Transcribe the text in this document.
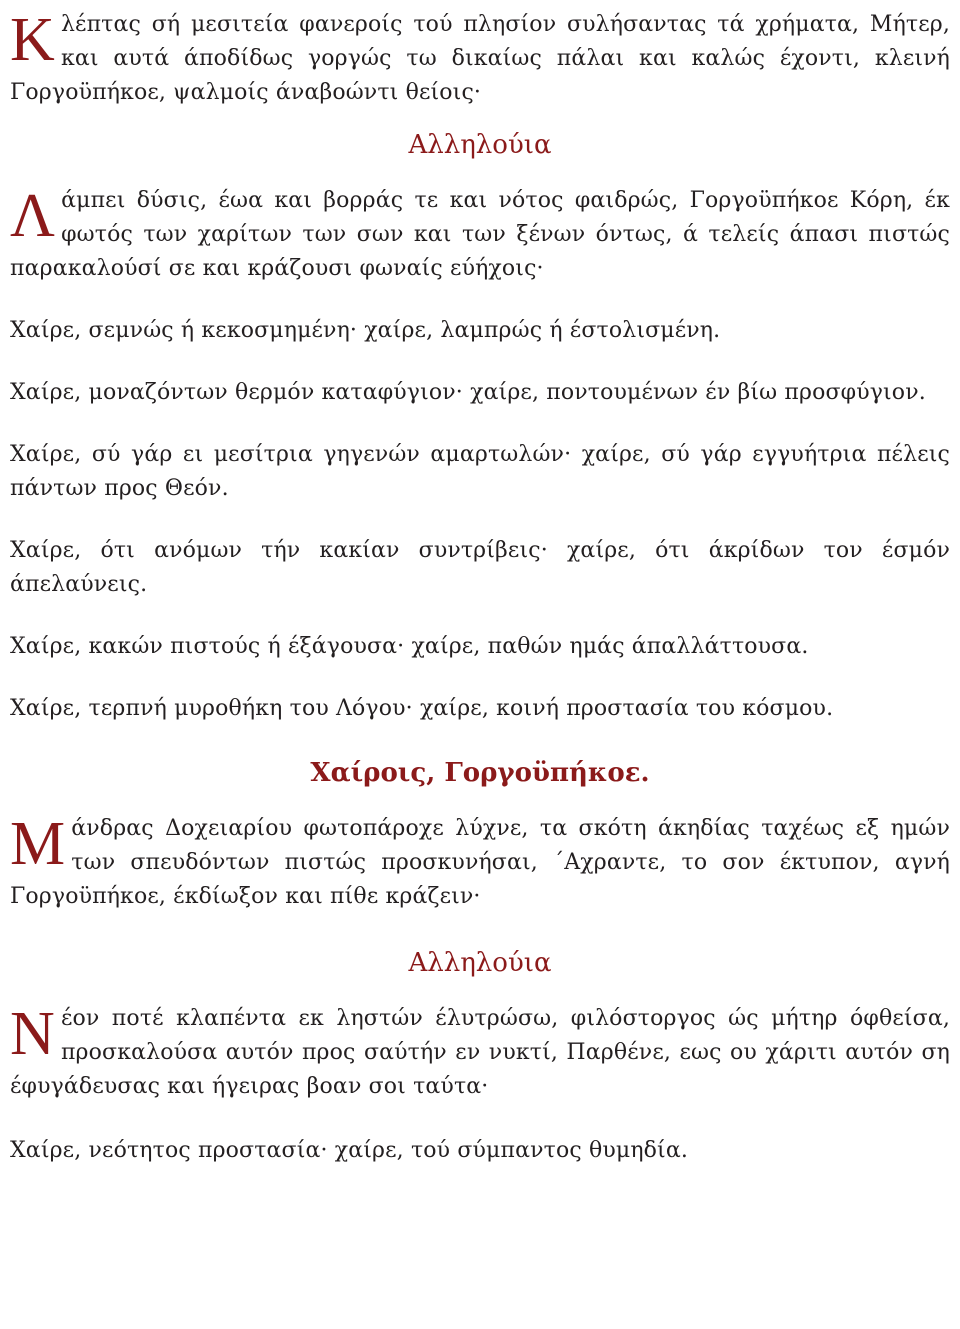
Κλέπτας σή μεσιτεία φανεροίς τού πλησίον συλήσαντας τά χρήματα, Μήτερ, και αυτά άποδίδως γοργώς τω δικαίως πάλαι και καλώς έχοντι, κλεινή Γοργοϋπήκοε, ψαλμοίς άναβοώντι θείοις·

Αλληλούια

Λάμπει δύσις, έωα και βορράς τε και νότος φαιδρώς, Γοργοϋπήκοε Κόρη, έκ φωτός των χαρίτων των σων και των ξένων όντως, ά τελείς άπασι πιστώς παρακαλούσί σε και κράζουσι φωναίς εύήχοις·

Χαίρε, σεμνώς ή κεκοσμημένη· χαίρε, λαμπρώς ή έστολισμένη.

Χαίρε, μοναζόντων θερμόν καταφύγιον· χαίρε, ποντουμένων έν βίω προσφύγιον.

Χαίρε, σύ γάρ ει μεσίτρια γηγενών αμαρτωλών· χαίρε, σύ γάρ εγγυήτρια πέλεις πάντων προς Θεόν.

Χαίρε, ότι ανόμων τήν κακίαν συντρίβεις· χαίρε, ότι άκρίδων τον έσμόν άπελαύνεις.

Χαίρε, κακών πιστούς ή έξάγουσα· χαίρε, παθών ημάς άπαλλάττουσα.

Χαίρε, τερπνή μυροθήκη του Λόγου· χαίρε, κοινή προστασία του κόσμου.

Χαίροις, Γοργοϋπήκοε.

Μάνδρας Δοχειαρίου φωτοπάροχε λύχνε, τα σκότη άκηδίας ταχέως εξ ημών των σπευδόντων πιστώς προσκυνήσαι, ΄Αχραντε, το σον έκτυπον, αγνή Γοργοϋπήκοε, έκδίωξον και πίθε κράζειν·

Αλληλούια

Νέον ποτέ κλαπέντα εκ ληστών έλυτρώσω, φιλόστοργος ώς μήτηρ όφθείσα, προσκαλούσα αυτόν προς σαύτήν εν νυκτί, Παρθένε, εως ου χάριτι αυτόν ση έφυγάδευσας και ήγειρας βοαν σοι ταύτα·

Χαίρε, νεότητος προστασία· χαίρε, τού σύμπαντος θυμηδία.
